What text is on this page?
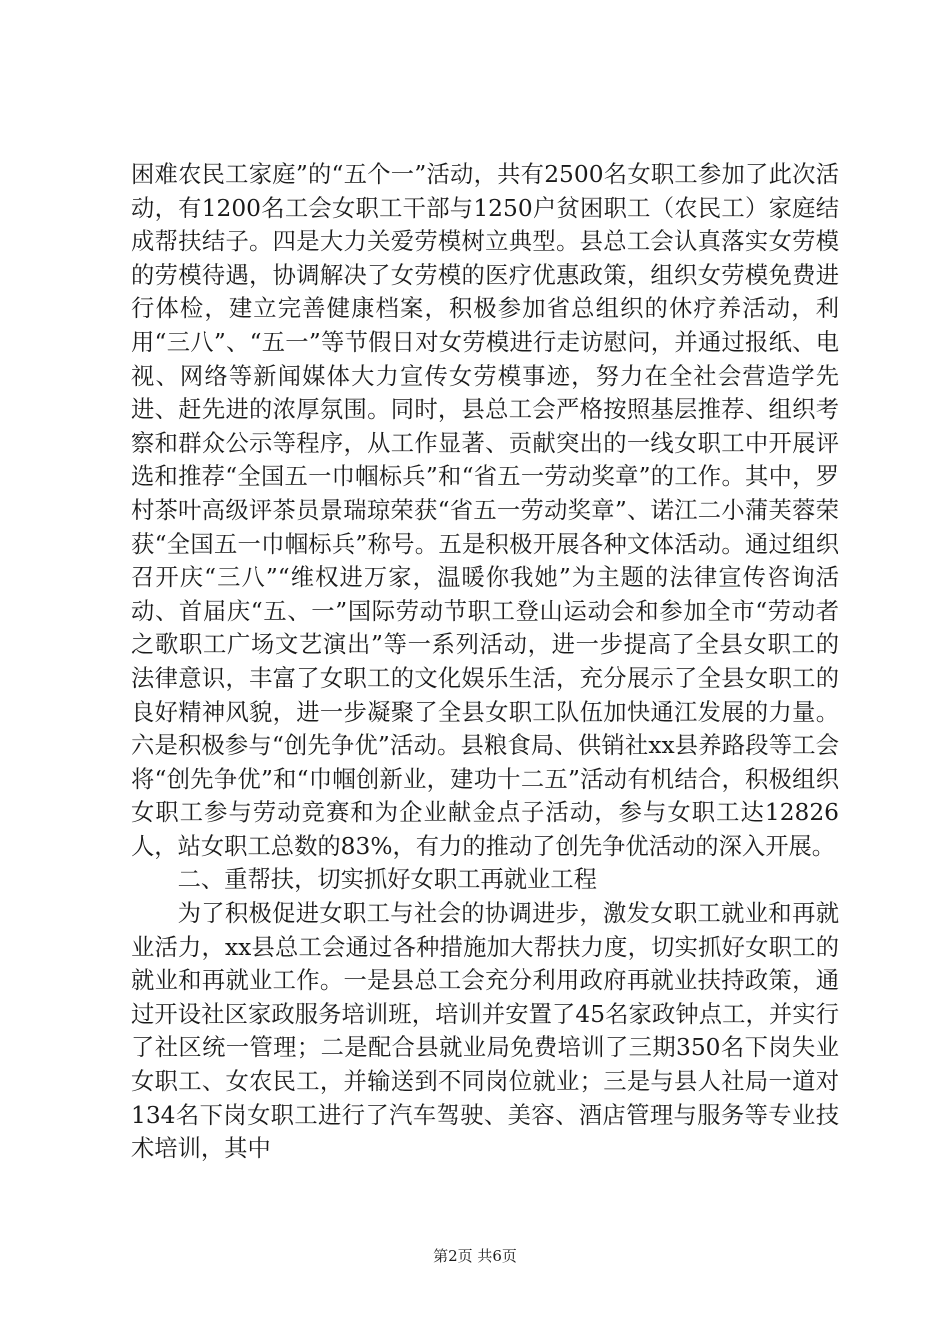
困难农民工家庭”的“五个一”活动，共有2500名女职工参加了此次活动，有1200名工会女职工干部与1250户贫困职工（农民工）家庭结成帮扶结子。四是大力关爱劳模树立典型。县总工会认真落实女劳模的劳模待遇，协调解决了女劳模的医疗优惠政策，组织女劳模免费进行体检，建立完善健康档案，积极参加省总组织的休疗养活动，利用“三八”、“五一”等节假日对女劳模进行走访慰问，并通过报纸、电视、网络等新闻媒体大力宣传女劳模事迹，努力在全社会营造学先进、赶先进的浓厚氛围。同时，县总工会严格按照基层推荐、组织考察和群众公示等程序，从工作显著、贡献突出的一线女职工中开展评选和推荐“全国五一巾帼标兵”和“省五一劳动奖章”的工作。其中，罗村茶叶高级评茶员景瑞琼荣获“省五一劳动奖章”、诺江二小蒲芙蓉荣获“全国五一巾帼标兵”称号。五是积极开展各种文体活动。通过组织召开庆“三八”“维权进万家，温暖你我她”为主题的法律宣传咨询活动、首届庆“五、一”国际劳动节职工登山运动会和参加全市“劳动者之歌职工广场文艺演出”等一系列活动，进一步提高了全县女职工的法律意识，丰富了女职工的文化娱乐生活，充分展示了全县女职工的良好精神风貌，进一步凝聚了全县女职工队伍加快通江发展的力量。六是积极参与“创先争优”活动。县粮食局、供销社xx县养路段等工会将“创先争优”和“巾帼创新业，建功十二五”活动有机结合，积极组织女职工参与劳动竞赛和为企业献金点子活动，参与女职工达12826人，站女职工总数的83%，有力的推动了创先争优活动的深入开展。

二、重帮扶，切实抓好女职工再就业工程

为了积极促进女职工与社会的协调进步，激发女职工就业和再就业活力，xx县总工会通过各种措施加大帮扶力度，切实抓好女职工的就业和再就业工作。一是县总工会充分利用政府再就业扶持政策，通过开设社区家政服务培训班，培训并安置了45名家政钟点工，并实行了社区统一管理；二是配合县就业局免费培训了三期350名下岗失业女职工、女农民工，并输送到不同岗位就业；三是与县人社局一道对134名下岗女职工进行了汽车驾驶、美容、酒店管理与服务等专业技术培训，其中

第2页 共6页
